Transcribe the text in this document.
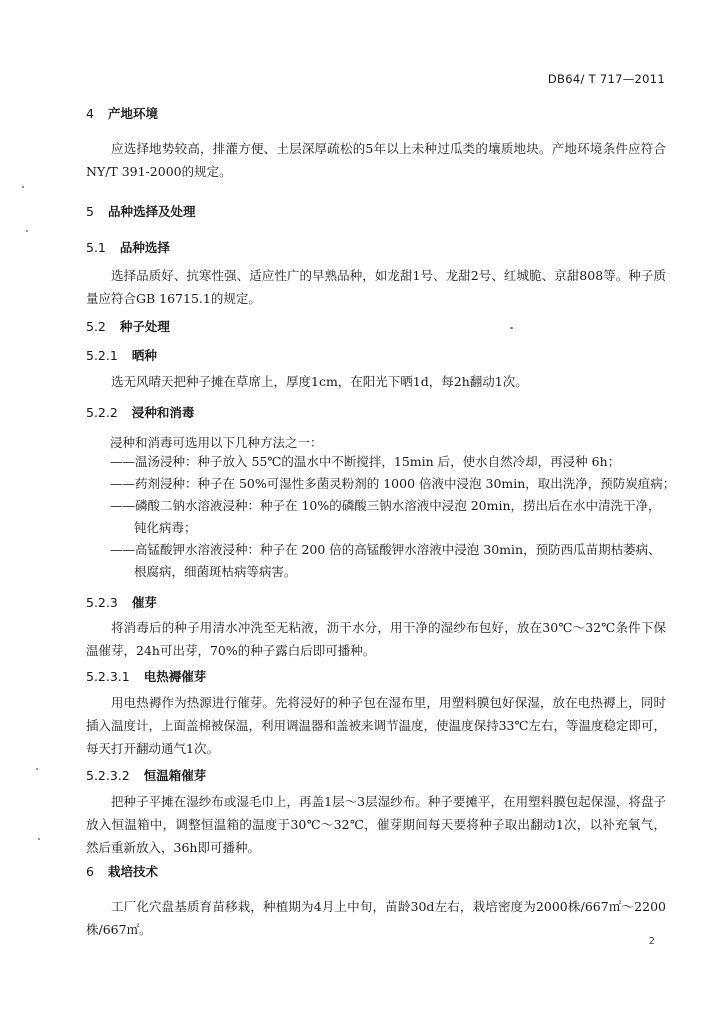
DB64/ T 717—2011
4 产地环境
应选择地势较高，排灌方便、土层深厚疏松的5年以上未种过瓜类的壤质地块。产地环境条件应符合NY/T 391-2000的规定。
5 品种选择及处理
5.1 品种选择
选择品质好、抗寒性强、适应性广的早熟品种，如龙甜1号、龙甜2号、红城脆、京甜808等。种子质量应符合GB 16715.1的规定。
5.2 种子处理
5.2.1 晒种
选无风晴天把种子摊在草席上，厚度1cm，在阳光下晒1d，每2h翻动1次。
5.2.2 浸种和消毒
浸种和消毒可选用以下几种方法之一：
——温汤浸种：种子放入 55℃的温水中不断搅拌，15min 后，使水自然冷却，再浸种 6h；
——药剂浸种：种子在 50%可湿性多菌灵粉剂的 1000 倍液中浸泡 30min，取出洗净，预防炭疽病；
——磷酸二钠水溶液浸种：种子在 10%的磷酸三钠水溶液中浸泡 20min，捞出后在水中清洗干净，
钝化病毒；
——高锰酸钾水溶液浸种：种子在 200 倍的高锰酸钾水溶液中浸泡 30min，预防西瓜苗期枯萎病、
根腐病，细菌斑枯病等病害。
5.2.3 催芽
将消毒后的种子用清水冲洗至无粘液，沥干水分，用干净的湿纱布包好，放在30℃～32℃条件下保温催芽，24h可出芽，70%的种子露白后即可播种。
5.2.3.1 电热褥催芽
用电热褥作为热源进行催芽。先将浸好的种子包在湿布里，用塑料膜包好保湿，放在电热褥上，同时插入温度计，上面盖棉被保温，利用调温器和盖被来调节温度，使温度保持33℃左右，等温度稳定即可，每天打开翻动通气1次。
5.2.3.2 恒温箱催芽
把种子平摊在湿纱布或湿毛巾上，再盖1层～3层湿纱布。种子要摊平，在用塑料膜包起保湿，将盘子放入恒温箱中，调整恒温箱的温度于30℃～32℃，催芽期间每天要将种子取出翻动1次，以补充氧气，然后重新放入，36h即可播种。
6 栽培技术
工厂化穴盘基质育苗移栽，种植期为4月上中旬，苗龄30d左右，栽培密度为2000株/667㎡～2200株/667㎡。
2
